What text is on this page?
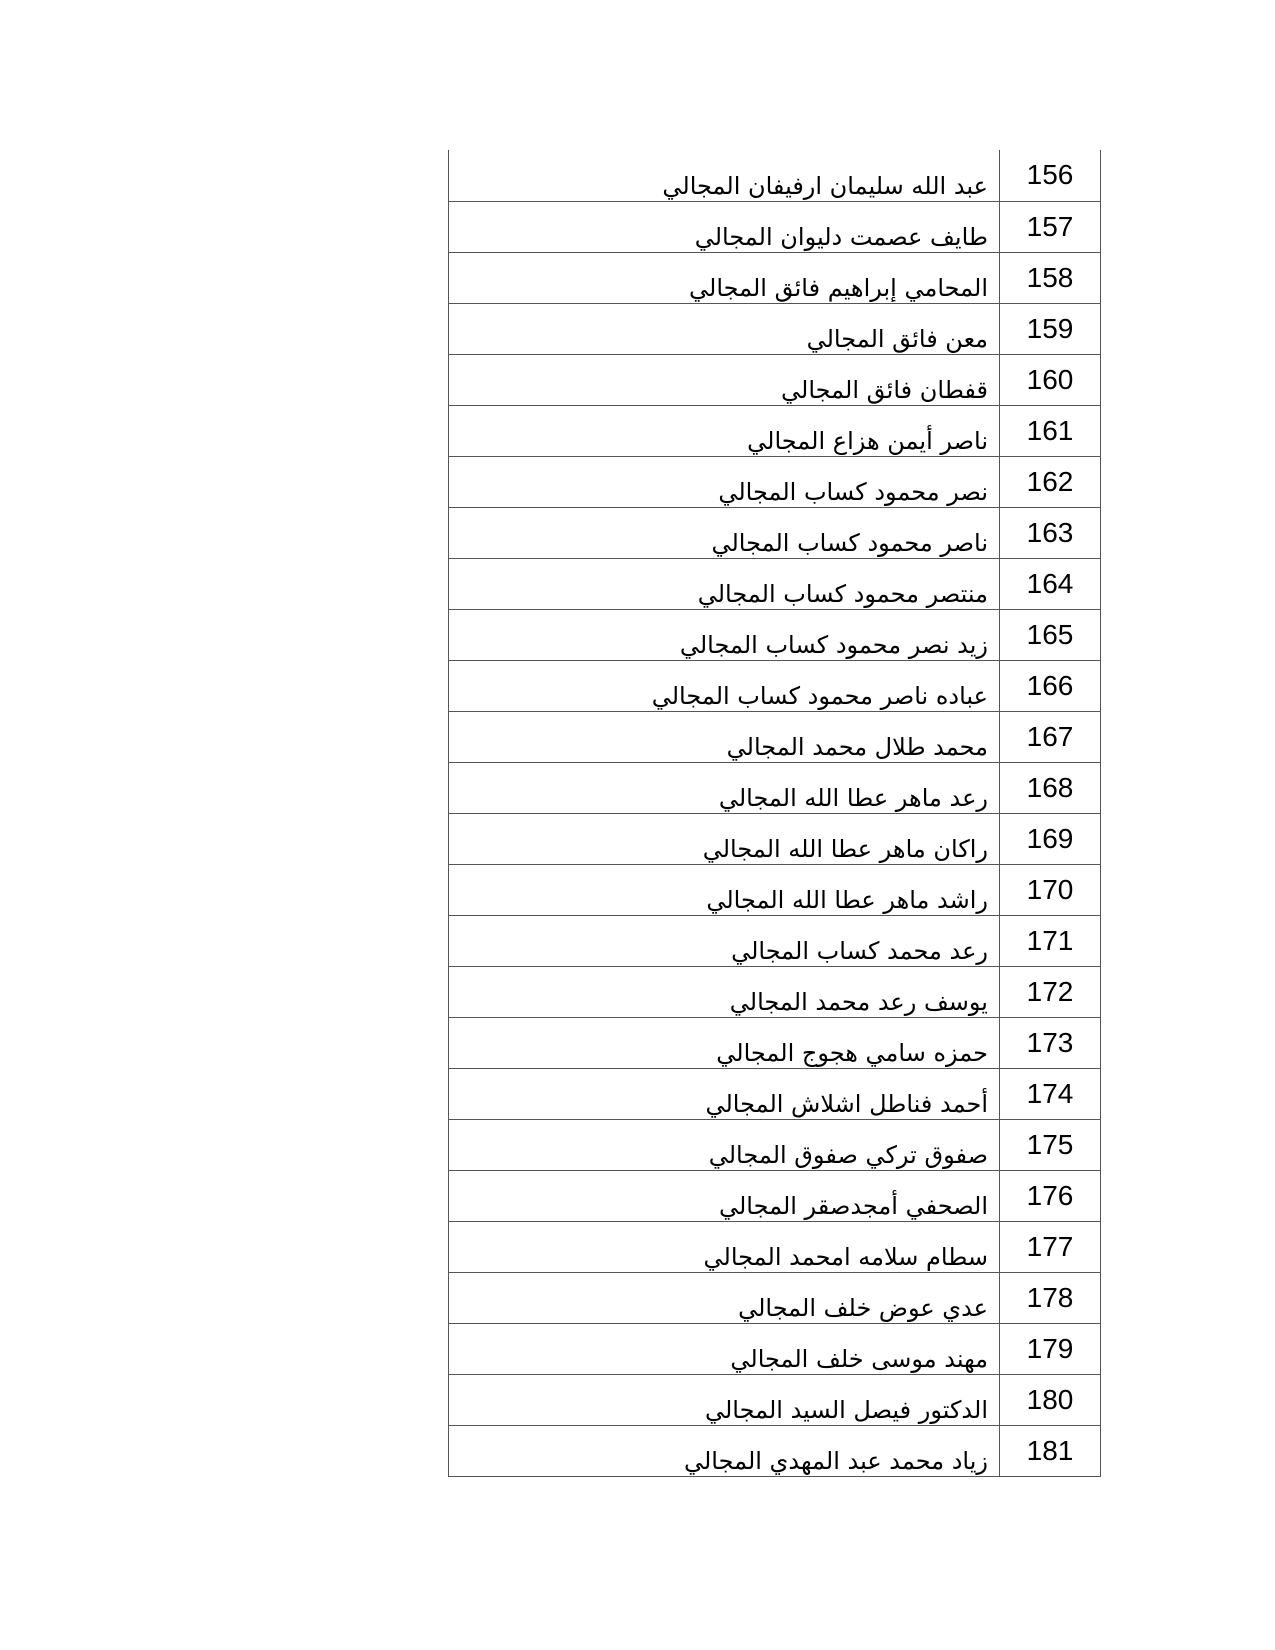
عبد الله سليمان ارفيفان المجالي	156
طايف عصمت دليوان المجالي	157
المحامي إبراهيم فائق المجالي	158
معن فائق المجالي	159
قفطان فائق المجالي	160
ناصر أيمن هزاع المجالي	161
نصر محمود كساب المجالي	162
ناصر محمود كساب المجالي	163
منتصر محمود كساب المجالي	164
زيد نصر محمود كساب المجالي	165
عباده ناصر محمود كساب المجالي	166
محمد طلال محمد المجالي	167
رعد ماهر عطا الله المجالي	168
راكان ماهر عطا الله المجالي	169
راشد ماهر عطا الله المجالي	170
رعد محمد كساب المجالي	171
يوسف رعد محمد المجالي	172
حمزه سامي هجوج المجالي	173
أحمد فناطل اشلاش المجالي	174
صفوق تركي صفوق المجالي	175
الصحفي أمجدصقر المجالي	176
سطام سلامه امحمد المجالي	177
عدي عوض خلف المجالي	178
مهند موسى خلف المجالي	179
الدكتور فيصل السيد المجالي	180
زياد محمد عبد المهدي المجالي	181
